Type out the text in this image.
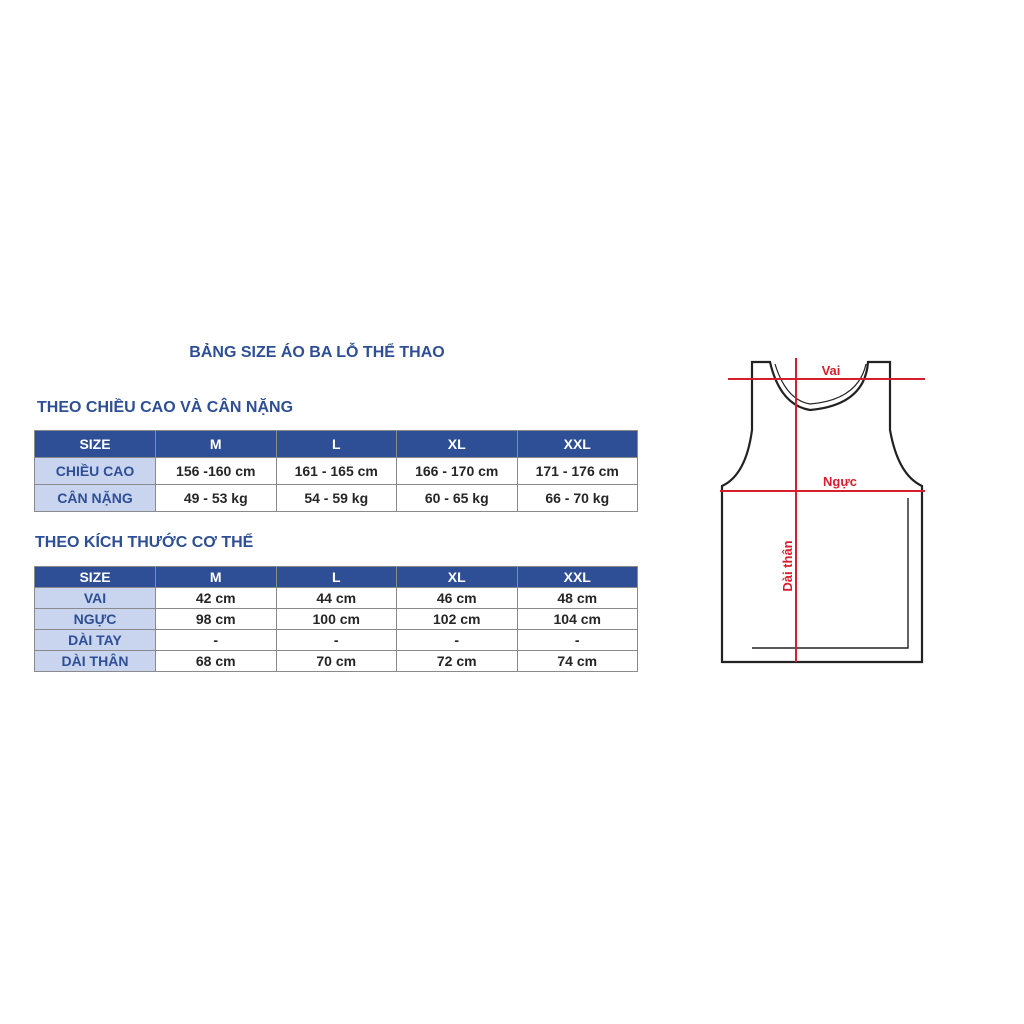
BẢNG SIZE ÁO BA LỖ THỂ THAO
THEO CHIỀU CAO VÀ CÂN NẶNG
SIZE	M	L	XL	XXL
CHIỀU CAO	156 -160 cm	161 - 165 cm	166 - 170 cm	171 - 176 cm
CÂN NẶNG	49 - 53 kg	54 - 59 kg	60 - 65 kg	66 - 70 kg
THEO KÍCH THƯỚC CƠ THỂ
SIZE	M	L	XL	XXL
VAI	42 cm	44 cm	46 cm	48 cm
NGỰC	98 cm	100 cm	102 cm	104 cm
DÀI TAY	-	-	-	-
DÀI THÂN	68 cm	70 cm	72 cm	74 cm
Vai
Ngực
Dài thân
